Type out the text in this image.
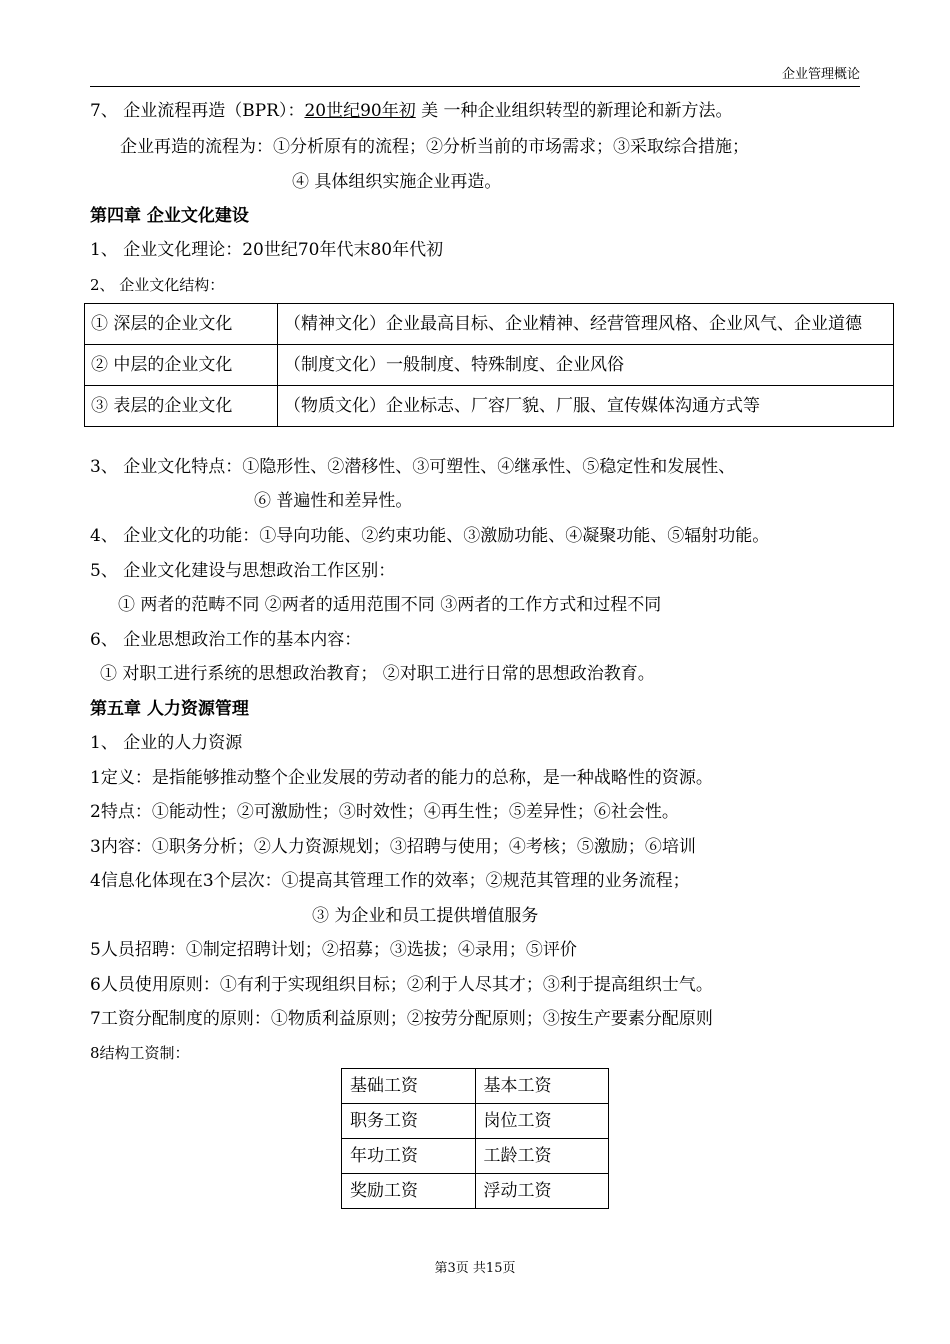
企业管理概论
7、 企业流程再造（BPR）：20世纪90年初 美 一种企业组织转型的新理论和新方法。
企业再造的流程为：①分析原有的流程；②分析当前的市场需求；③采取综合措施；
④ 具体组织实施企业再造。
第四章 企业文化建设
1、 企业文化理论：20世纪70年代末80年代初
2、 企业文化结构：
① 深层的企业文化	（精神文化）企业最高目标、企业精神、经营管理风格、企业风气、企业道德
② 中层的企业文化	（制度文化）一般制度、特殊制度、企业风俗
③ 表层的企业文化	（物质文化）企业标志、厂容厂貌、厂服、宣传媒体沟通方式等
3、 企业文化特点：①隐形性、②潜移性、③可塑性、④继承性、⑤稳定性和发展性、
⑥ 普遍性和差异性。
4、 企业文化的功能：①导向功能、②约束功能、③激励功能、④凝聚功能、⑤辐射功能。
5、 企业文化建设与思想政治工作区别：
① 两者的范畴不同 ②两者的适用范围不同 ③两者的工作方式和过程不同
6、 企业思想政治工作的基本内容：
① 对职工进行系统的思想政治教育； ②对职工进行日常的思想政治教育。
第五章 人力资源管理
1、 企业的人力资源
1定义：是指能够推动整个企业发展的劳动者的能力的总称，是一种战略性的资源。
2特点：①能动性；②可激励性；③时效性；④再生性；⑤差异性；⑥社会性。
3内容：①职务分析；②人力资源规划；③招聘与使用；④考核；⑤激励；⑥培训
4信息化体现在3个层次：①提高其管理工作的效率；②规范其管理的业务流程；
③ 为企业和员工提供增值服务
5人员招聘：①制定招聘计划；②招募；③选拔；④录用；⑤评价
6人员使用原则：①有利于实现组织目标；②利于人尽其才；③利于提高组织士气。
7工资分配制度的原则：①物质利益原则；②按劳分配原则；③按生产要素分配原则
8结构工资制：
基础工资	基本工资
职务工资	岗位工资
年功工资	工龄工资
奖励工资	浮动工资
第3页 共15页
